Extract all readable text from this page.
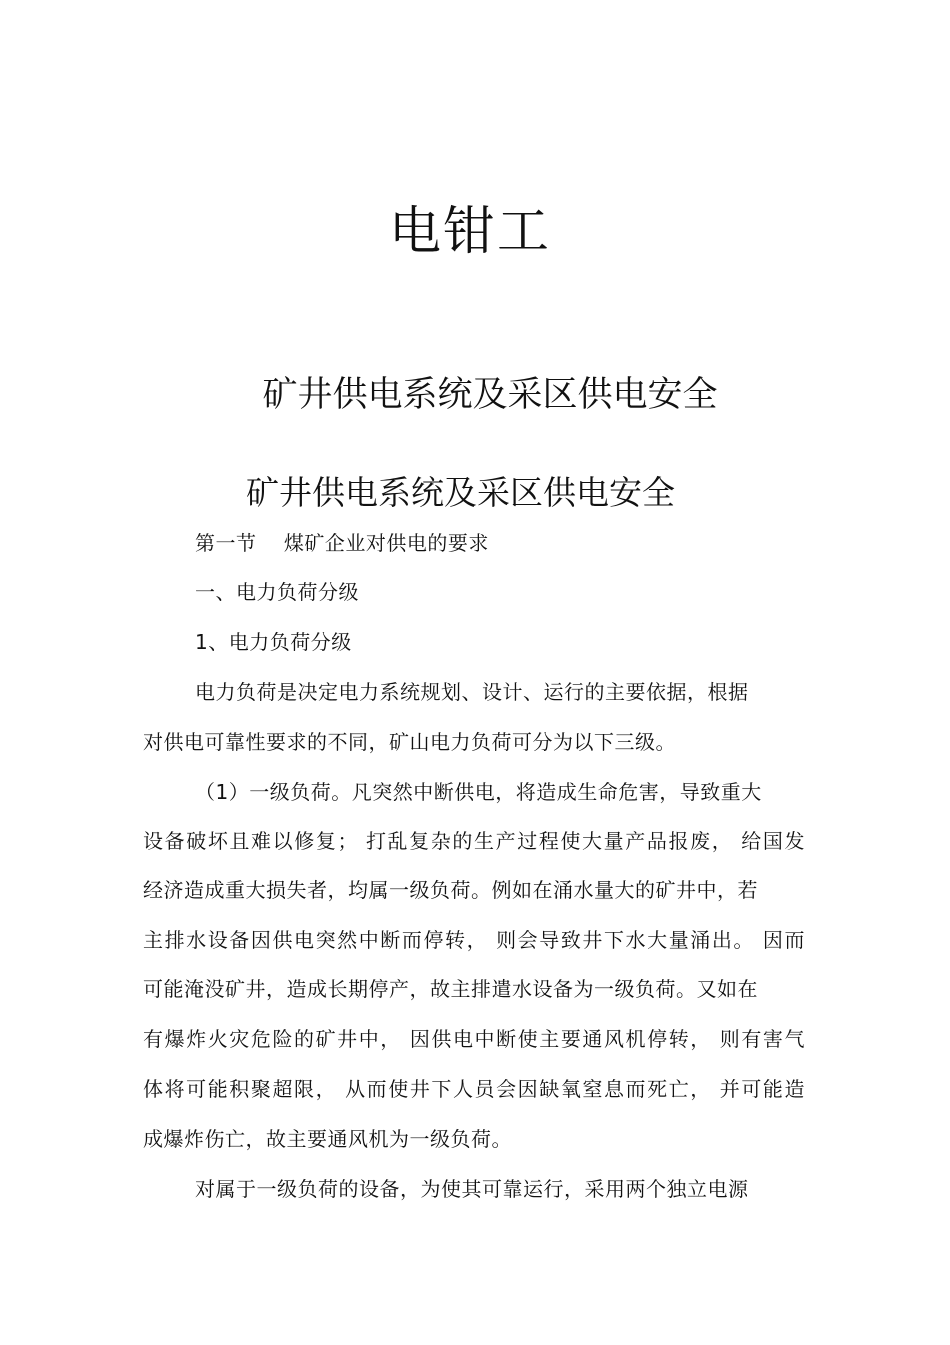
电钳工
矿井供电系统及采区供电安全
矿井供电系统及采区供电安全
第一节　 煤矿企业对供电的要求
一、电力负荷分级
1、电力负荷分级
电力负荷是决定电力系统规划、设计、运行的主要依据，根据
对供电可靠性要求的不同，矿山电力负荷可分为以下三级。
（1）一级负荷。凡突然中断供电，将造成生命危害，导致重大
设备破坏且难以修复； 打乱复杂的生产过程使大量产品报废， 给国发
经济造成重大损失者，均属一级负荷。例如在涌水量大的矿井中，若
主排水设备因供电突然中断而停转， 则会导致井下水大量涌出。 因而
可能淹没矿井，造成长期停产，故主排遣水设备为一级负荷。又如在
有爆炸火灾危险的矿井中， 因供电中断使主要通风机停转， 则有害气
体将可能积聚超限， 从而使井下人员会因缺氧窒息而死亡， 并可能造
成爆炸伤亡，故主要通风机为一级负荷。
对属于一级负荷的设备，为使其可靠运行，采用两个独立电源
